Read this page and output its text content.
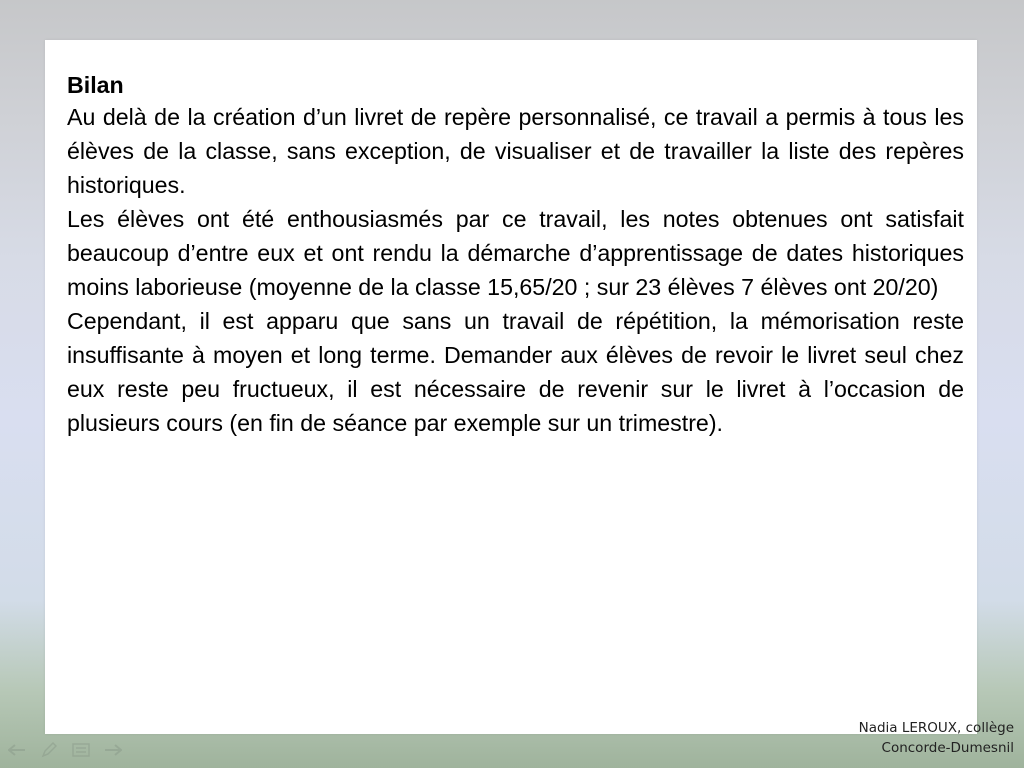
Bilan

Au delà de la création d’un livret de repère personnalisé, ce travail a permis à tous les élèves de la classe, sans exception, de visualiser et de travailler la liste des repères historiques.

Les élèves ont été enthousiasmés par ce travail, les notes obtenues ont satisfait beaucoup d’entre eux et ont rendu la démarche d’apprentissage de dates historiques moins laborieuse (moyenne de la classe 15,65/20 ; sur 23 élèves 7 élèves ont 20/20)

Cependant, il est apparu que sans un travail de répétition, la mémorisation reste insuffisante à moyen et long terme. Demander aux élèves de revoir le livret seul chez eux reste peu fructueux, il est nécessaire de revenir sur le livret à l’occasion de plusieurs cours (en fin de séance par exemple sur un trimestre).

Nadia LEROUX, collège
Concorde-Dumesnil
